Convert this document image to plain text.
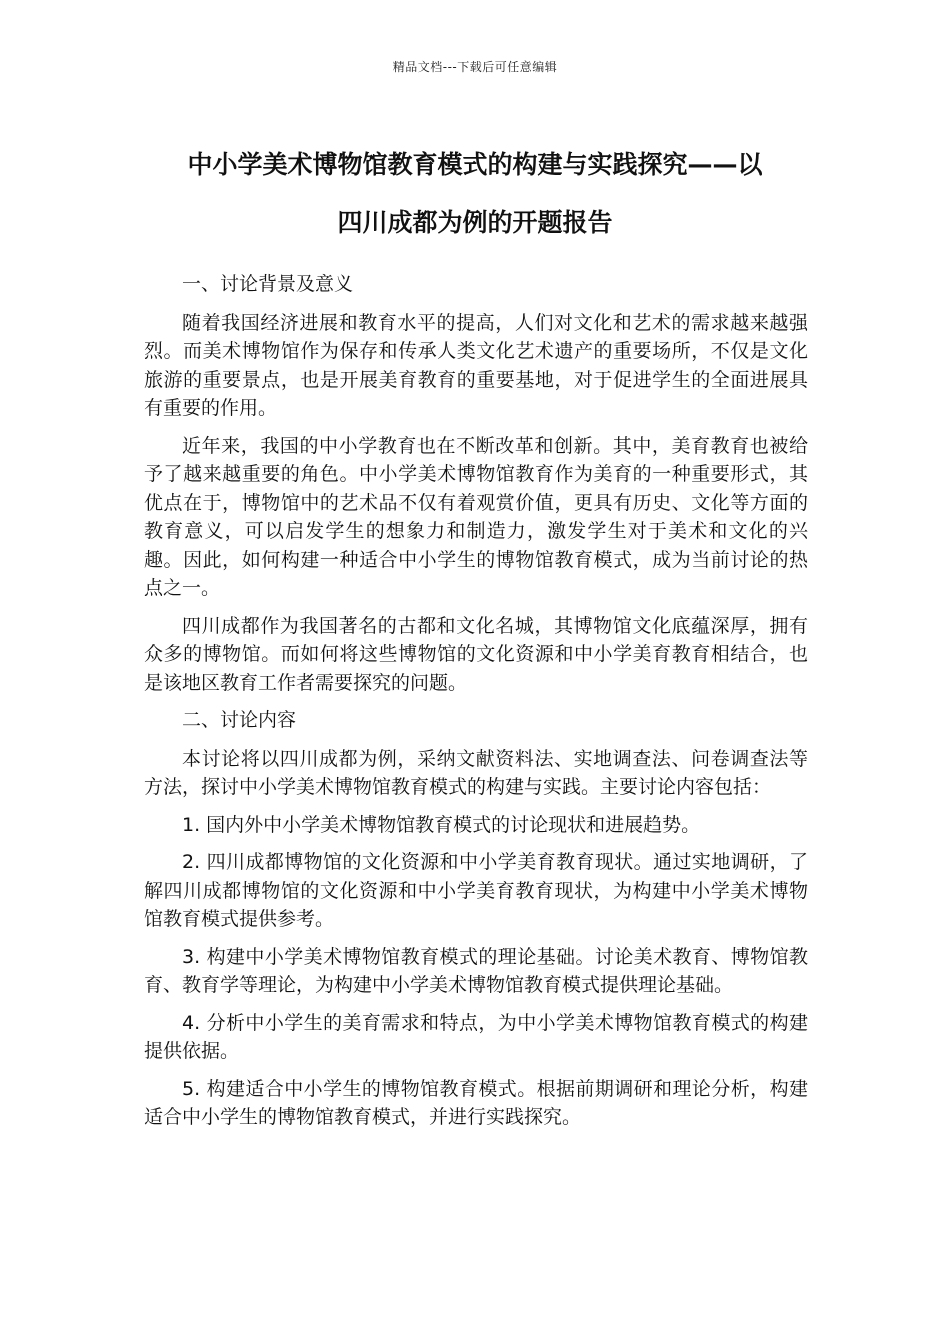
精品文档---下载后可任意编辑
中小学美术博物馆教育模式的构建与实践探究——以
四川成都为例的开题报告

一、讨论背景及意义

随着我国经济进展和教育水平的提高，人们对文化和艺术的需求越来越强烈。而美术博物馆作为保存和传承人类文化艺术遗产的重要场所，不仅是文化旅游的重要景点，也是开展美育教育的重要基地，对于促进学生的全面进展具有重要的作用。

近年来，我国的中小学教育也在不断改革和创新。其中，美育教育也被给予了越来越重要的角色。中小学美术博物馆教育作为美育的一种重要形式，其优点在于，博物馆中的艺术品不仅有着观赏价值，更具有历史、文化等方面的教育意义，可以启发学生的想象力和制造力，激发学生对于美术和文化的兴趣。因此，如何构建一种适合中小学生的博物馆教育模式，成为当前讨论的热点之一。

四川成都作为我国著名的古都和文化名城，其博物馆文化底蕴深厚，拥有众多的博物馆。而如何将这些博物馆的文化资源和中小学美育教育相结合，也是该地区教育工作者需要探究的问题。

二、讨论内容

本讨论将以四川成都为例，采纳文献资料法、实地调查法、问卷调查法等方法，探讨中小学美术博物馆教育模式的构建与实践。主要讨论内容包括：

1. 国内外中小学美术博物馆教育模式的讨论现状和进展趋势。

2. 四川成都博物馆的文化资源和中小学美育教育现状。通过实地调研，了解四川成都博物馆的文化资源和中小学美育教育现状，为构建中小学美术博物馆教育模式提供参考。

3. 构建中小学美术博物馆教育模式的理论基础。讨论美术教育、博物馆教育、教育学等理论，为构建中小学美术博物馆教育模式提供理论基础。

4. 分析中小学生的美育需求和特点，为中小学美术博物馆教育模式的构建提供依据。

5. 构建适合中小学生的博物馆教育模式。根据前期调研和理论分析，构建适合中小学生的博物馆教育模式，并进行实践探究。
